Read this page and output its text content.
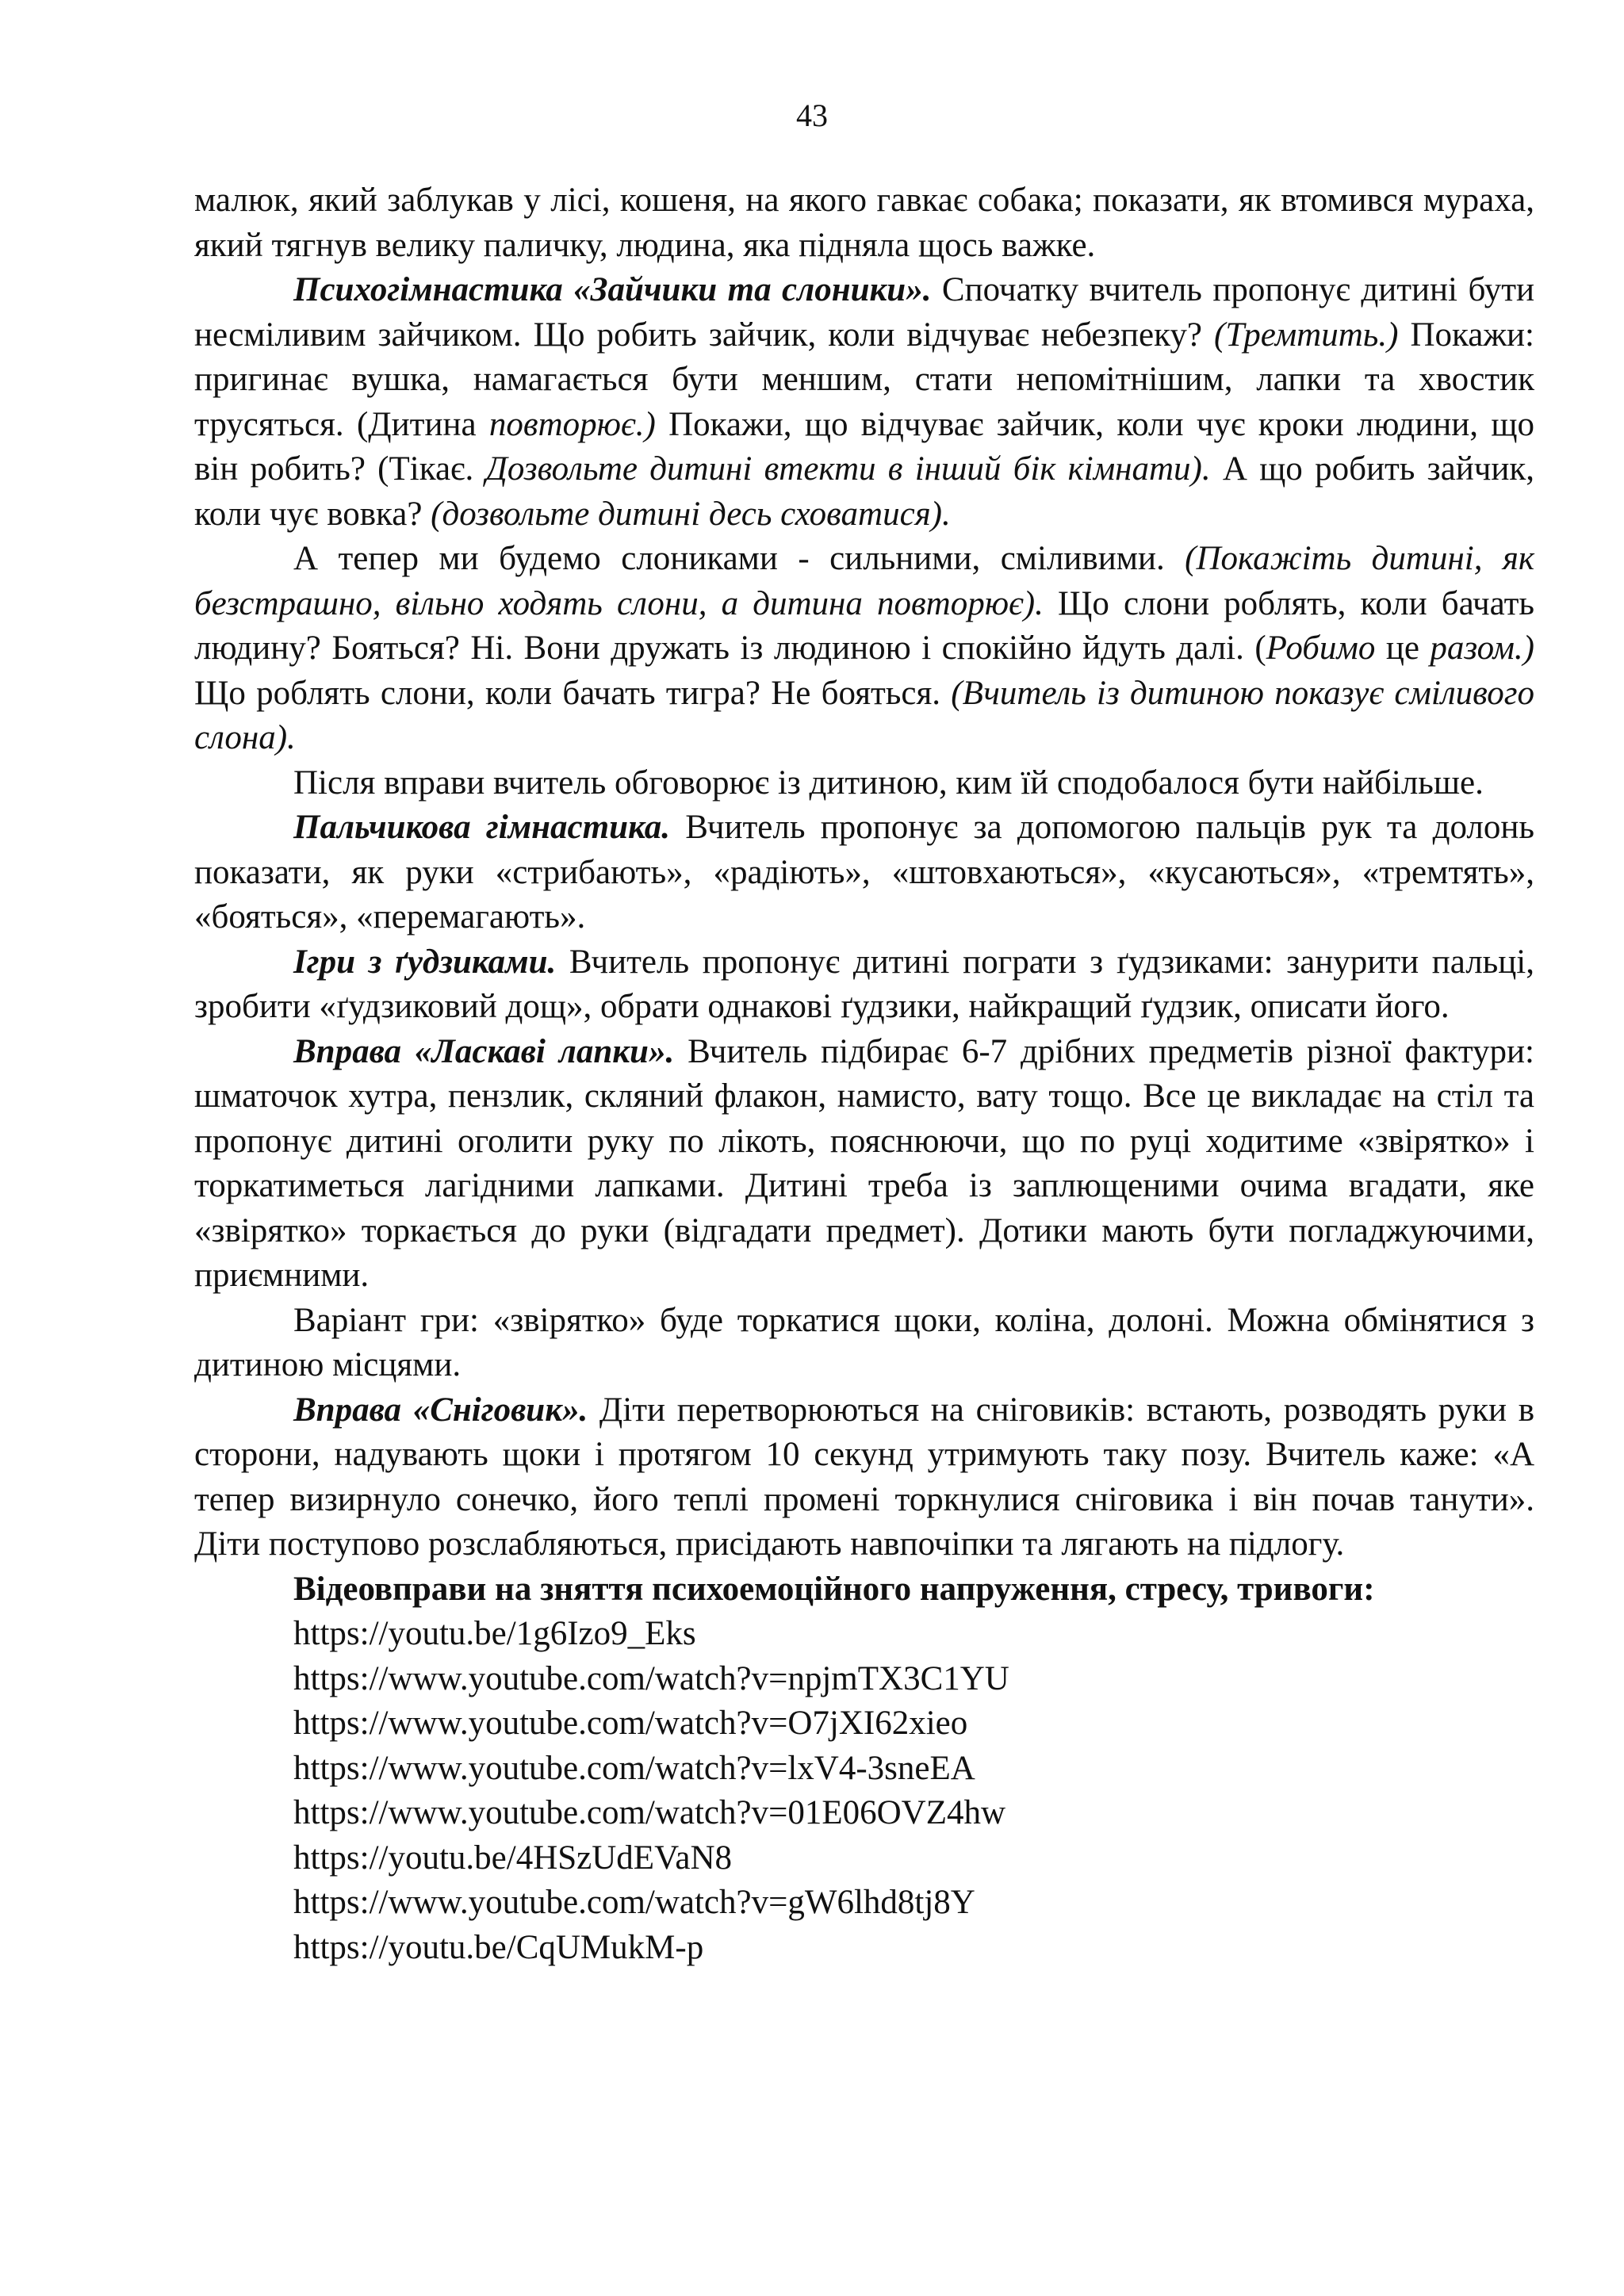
43

малюк, який заблукав у лісі, кошеня, на якого гавкає собака; показати, як втомився мураха, який тягнув велику паличку, людина, яка підняла щось важке.

Психогімнастика «Зайчики та слоники». Спочатку вчитель пропонує дитині бути несміливим зайчиком. Що робить зайчик, коли відчуває небезпеку? (Тремтить.) Покажи: пригинає вушка, намагається бути меншим, стати непомітнішим, лапки та хвостик трусяться. (Дитина повторює.) Покажи, що відчуває зайчик, коли чує кроки людини, що він робить? (Тікає. Дозвольте дитині втекти в інший бік кімнати). А що робить зайчик, коли чує вовка? (дозвольте дитині десь сховатися).

А тепер ми будемо слониками - сильними, сміливими. (Покажіть дитині, як безстрашно, вільно ходять слони, а дитина повторює). Що слони роблять, коли бачать людину? Бояться? Ні. Вони дружать із людиною і спокійно йдуть далі. (Робимо це разом.) Що роблять слони, коли бачать тигра? Не бояться. (Вчитель із дитиною показує сміливого слона).

Після вправи вчитель обговорює із дитиною, ким їй сподобалося бути найбільше.

Пальчикова гімнастика. Вчитель пропонує за допомогою пальців рук та долонь показати, як руки «стрибають», «радіють», «штовхаються», «кусаються», «тремтять», «бояться», «перемагають».

Ігри з ґудзиками. Вчитель пропонує дитині пограти з ґудзиками: занурити пальці, зробити «ґудзиковий дощ», обрати однакові ґудзики, найкращий ґудзик, описати його.

Вправа «Ласкаві лапки». Вчитель підбирає 6-7 дрібних предметів різної фактури: шматочок хутра, пензлик, скляний флакон, намисто, вату тощо. Все це викладає на стіл та пропонує дитині оголити руку по лікоть, пояснюючи, що по руці ходитиме «звірятко» і торкатиметься лагідними лапками. Дитині треба із заплющеними очима вгадати, яке «звірятко» торкається до руки (відгадати предмет). Дотики мають бути погладжуючими, приємними.

Варіант гри: «звірятко» буде торкатися щоки, коліна, долоні. Можна обмінятися з дитиною місцями.

Вправа «Сніговик». Діти перетворюються на сніговиків: встають, розводять руки в сторони, надувають щоки і протягом 10 секунд утримують таку позу. Вчитель каже: «А тепер визирнуло сонечко, його теплі промені торкнулися сніговика і він почав танути». Діти поступово розслабляються, присідають навпочіпки та лягають на підлогу.

Відеовправи на зняття психоемоційного напруження, стресу, тривоги:

https://youtu.be/1g6Izo9_Eks
https://www.youtube.com/watch?v=npjmTX3C1YU
https://www.youtube.com/watch?v=O7jXI62xieo
https://www.youtube.com/watch?v=lxV4-3sneEA
https://www.youtube.com/watch?v=01E06OVZ4hw
https://youtu.be/4HSzUdEVaN8
https://www.youtube.com/watch?v=gW6lhd8tj8Y
https://youtu.be/CqUMukM-p
